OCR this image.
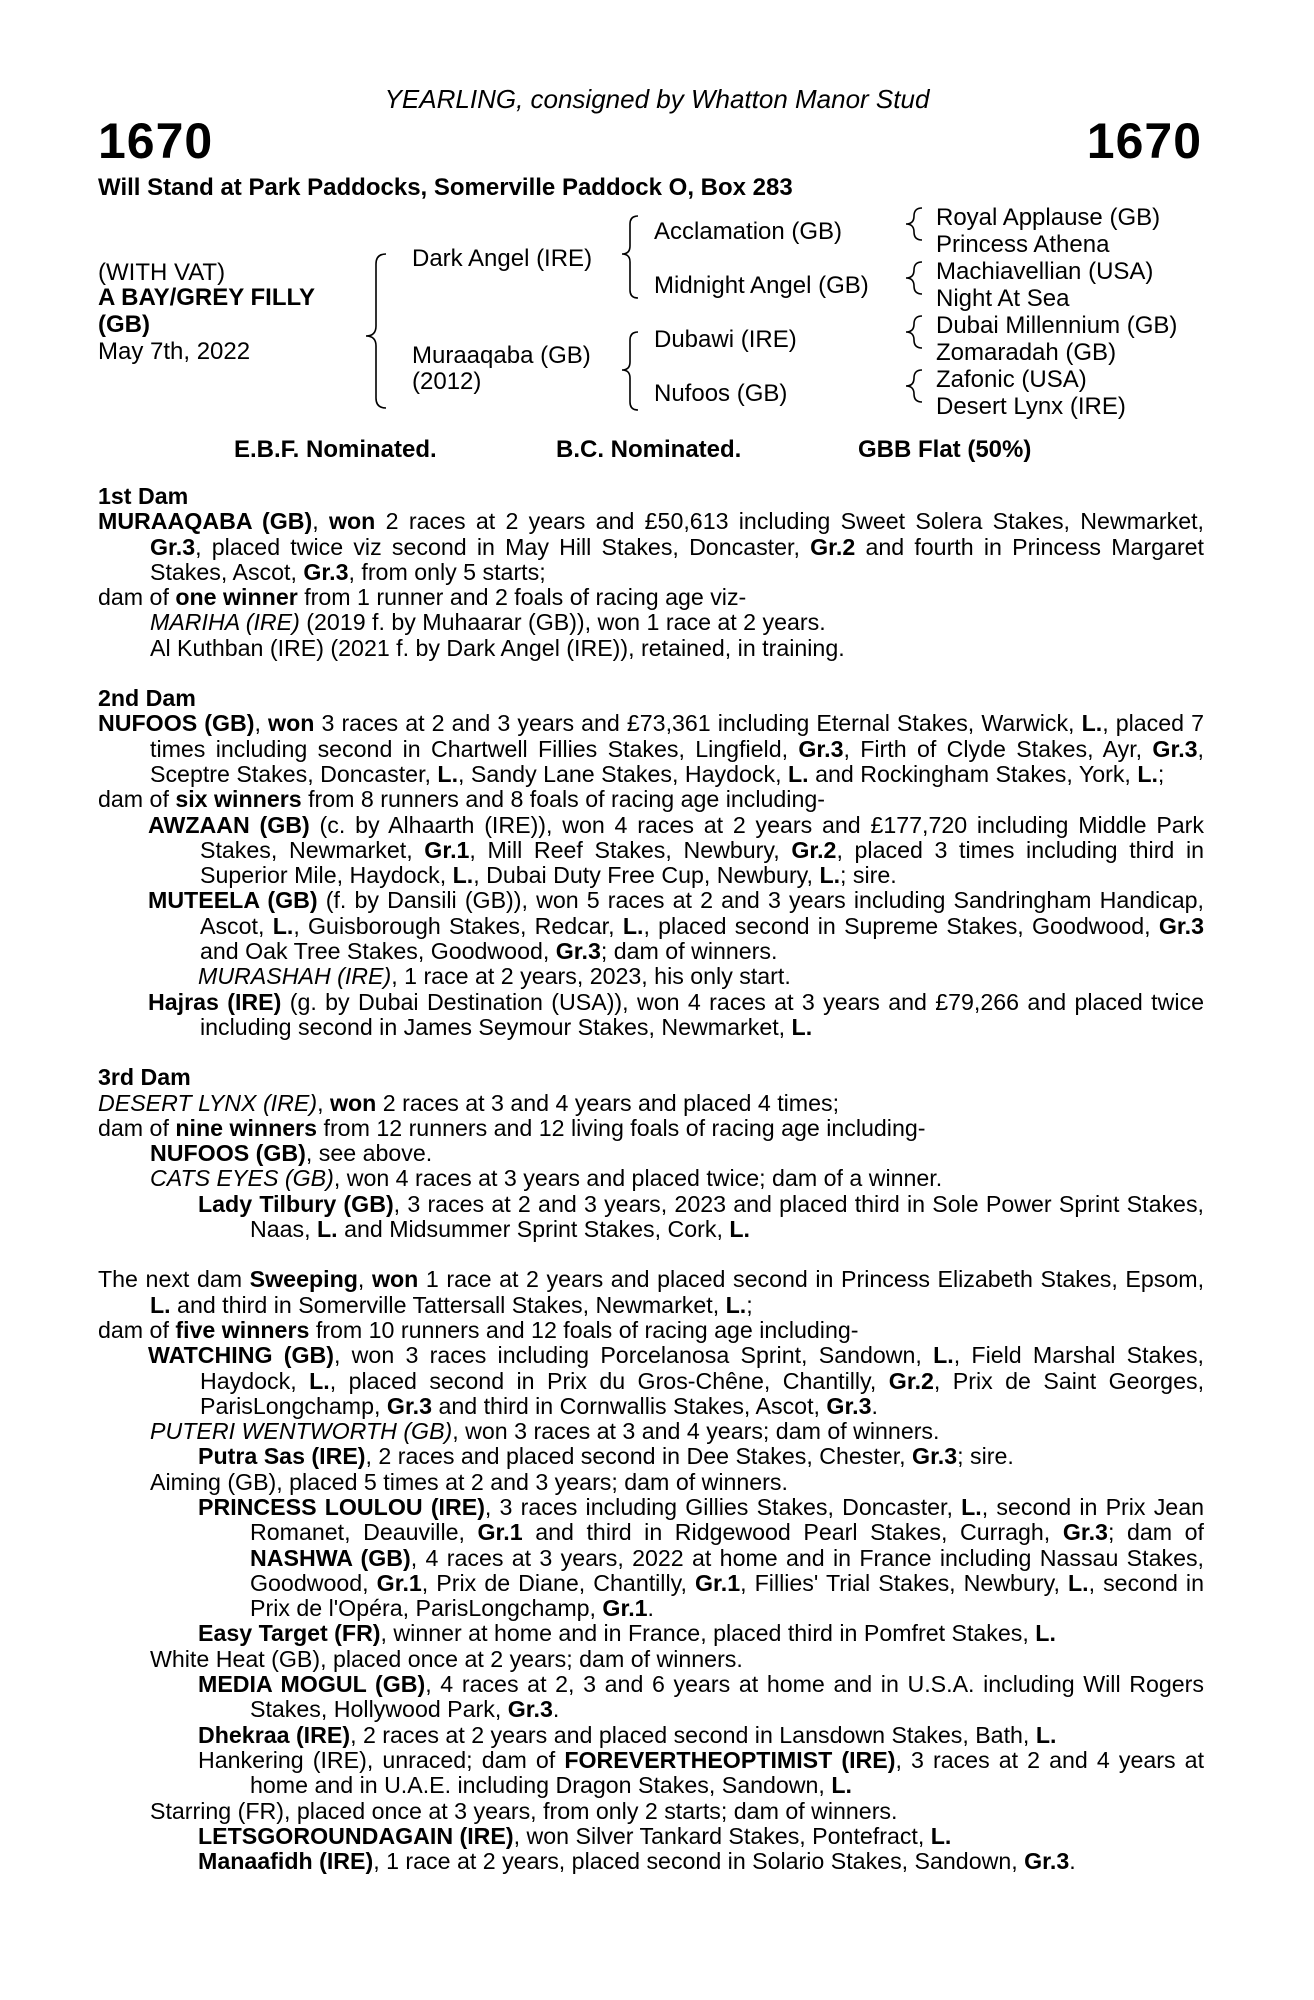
YEARLING, consigned by Whatton Manor Stud
1670	1670
Will Stand at Park Paddocks, Somerville Paddock O, Box 283
(WITH VAT)
A BAY/GREY FILLY
(GB)
May 7th, 2022
Dark Angel (IRE)
Muraaqaba (GB)
(2012)
Acclamation (GB)
Midnight Angel (GB)
Dubawi (IRE)
Nufoos (GB)
Royal Applause (GB)
Princess Athena
Machiavellian (USA)
Night At Sea
Dubai Millennium (GB)
Zomaradah (GB)
Zafonic (USA)
Desert Lynx (IRE)
E.B.F. Nominated.	B.C. Nominated.	GBB Flat (50%)

1st Dam

MURAAQABA (GB), won 2 races at 2 years and £50,613 including Sweet Solera Stakes, Newmarket, Gr.3, placed twice viz second in May Hill Stakes, Doncaster, Gr.2 and fourth in Princess Margaret Stakes, Ascot, Gr.3, from only 5 starts;

dam of one winner from 1 runner and 2 foals of racing age viz-

MARIHA (IRE) (2019 f. by Muhaarar (GB)), won 1 race at 2 years.

Al Kuthban (IRE) (2021 f. by Dark Angel (IRE)), retained, in training.

2nd Dam

NUFOOS (GB), won 3 races at 2 and 3 years and £73,361 including Eternal Stakes, Warwick, L., placed 7 times including second in Chartwell Fillies Stakes, Lingfield, Gr.3, Firth of Clyde Stakes, Ayr, Gr.3, Sceptre Stakes, Doncaster, L., Sandy Lane Stakes, Haydock, L. and Rockingham Stakes, York, L.;

dam of six winners from 8 runners and 8 foals of racing age including-

AWZAAN (GB) (c. by Alhaarth (IRE)), won 4 races at 2 years and £177,720 including Middle Park Stakes, Newmarket, Gr.1, Mill Reef Stakes, Newbury, Gr.2, placed 3 times including third in Superior Mile, Haydock, L., Dubai Duty Free Cup, Newbury, L.; sire.

MUTEELA (GB) (f. by Dansili (GB)), won 5 races at 2 and 3 years including Sandringham Handicap, Ascot, L., Guisborough Stakes, Redcar, L., placed second in Supreme Stakes, Goodwood, Gr.3 and Oak Tree Stakes, Goodwood, Gr.3; dam of winners.

MURASHAH (IRE), 1 race at 2 years, 2023, his only start.

Hajras (IRE) (g. by Dubai Destination (USA)), won 4 races at 3 years and £79,266 and placed twice including second in James Seymour Stakes, Newmarket, L.

3rd Dam

DESERT LYNX (IRE), won 2 races at 3 and 4 years and placed 4 times;

dam of nine winners from 12 runners and 12 living foals of racing age including-

NUFOOS (GB), see above.

CATS EYES (GB), won 4 races at 3 years and placed twice; dam of a winner.

Lady Tilbury (GB), 3 races at 2 and 3 years, 2023 and placed third in Sole Power Sprint Stakes, Naas, L. and Midsummer Sprint Stakes, Cork, L.

The next dam Sweeping, won 1 race at 2 years and placed second in Princess Elizabeth Stakes, Epsom, L. and third in Somerville Tattersall Stakes, Newmarket, L.;

dam of five winners from 10 runners and 12 foals of racing age including-

WATCHING (GB), won 3 races including Porcelanosa Sprint, Sandown, L., Field Marshal Stakes, Haydock, L., placed second in Prix du Gros-Chêne, Chantilly, Gr.2, Prix de Saint Georges, ParisLongchamp, Gr.3 and third in Cornwallis Stakes, Ascot, Gr.3.

PUTERI WENTWORTH (GB), won 3 races at 3 and 4 years; dam of winners.

Putra Sas (IRE), 2 races and placed second in Dee Stakes, Chester, Gr.3; sire.

Aiming (GB), placed 5 times at 2 and 3 years; dam of winners.

PRINCESS LOULOU (IRE), 3 races including Gillies Stakes, Doncaster, L., second in Prix Jean Romanet, Deauville, Gr.1 and third in Ridgewood Pearl Stakes, Curragh, Gr.3; dam of NASHWA (GB), 4 races at 3 years, 2022 at home and in France including Nassau Stakes, Goodwood, Gr.1, Prix de Diane, Chantilly, Gr.1, Fillies' Trial Stakes, Newbury, L., second in Prix de l'Opéra, ParisLongchamp, Gr.1.

Easy Target (FR), winner at home and in France, placed third in Pomfret Stakes, L.

White Heat (GB), placed once at 2 years; dam of winners.

MEDIA MOGUL (GB), 4 races at 2, 3 and 6 years at home and in U.S.A. including Will Rogers Stakes, Hollywood Park, Gr.3.

Dhekraa (IRE), 2 races at 2 years and placed second in Lansdown Stakes, Bath, L.

Hankering (IRE), unraced; dam of FOREVERTHEOPTIMIST (IRE), 3 races at 2 and 4 years at home and in U.A.E. including Dragon Stakes, Sandown, L.

Starring (FR), placed once at 3 years, from only 2 starts; dam of winners.

LETSGOROUNDAGAIN (IRE), won Silver Tankard Stakes, Pontefract, L.

Manaafidh (IRE), 1 race at 2 years, placed second in Solario Stakes, Sandown, Gr.3.
